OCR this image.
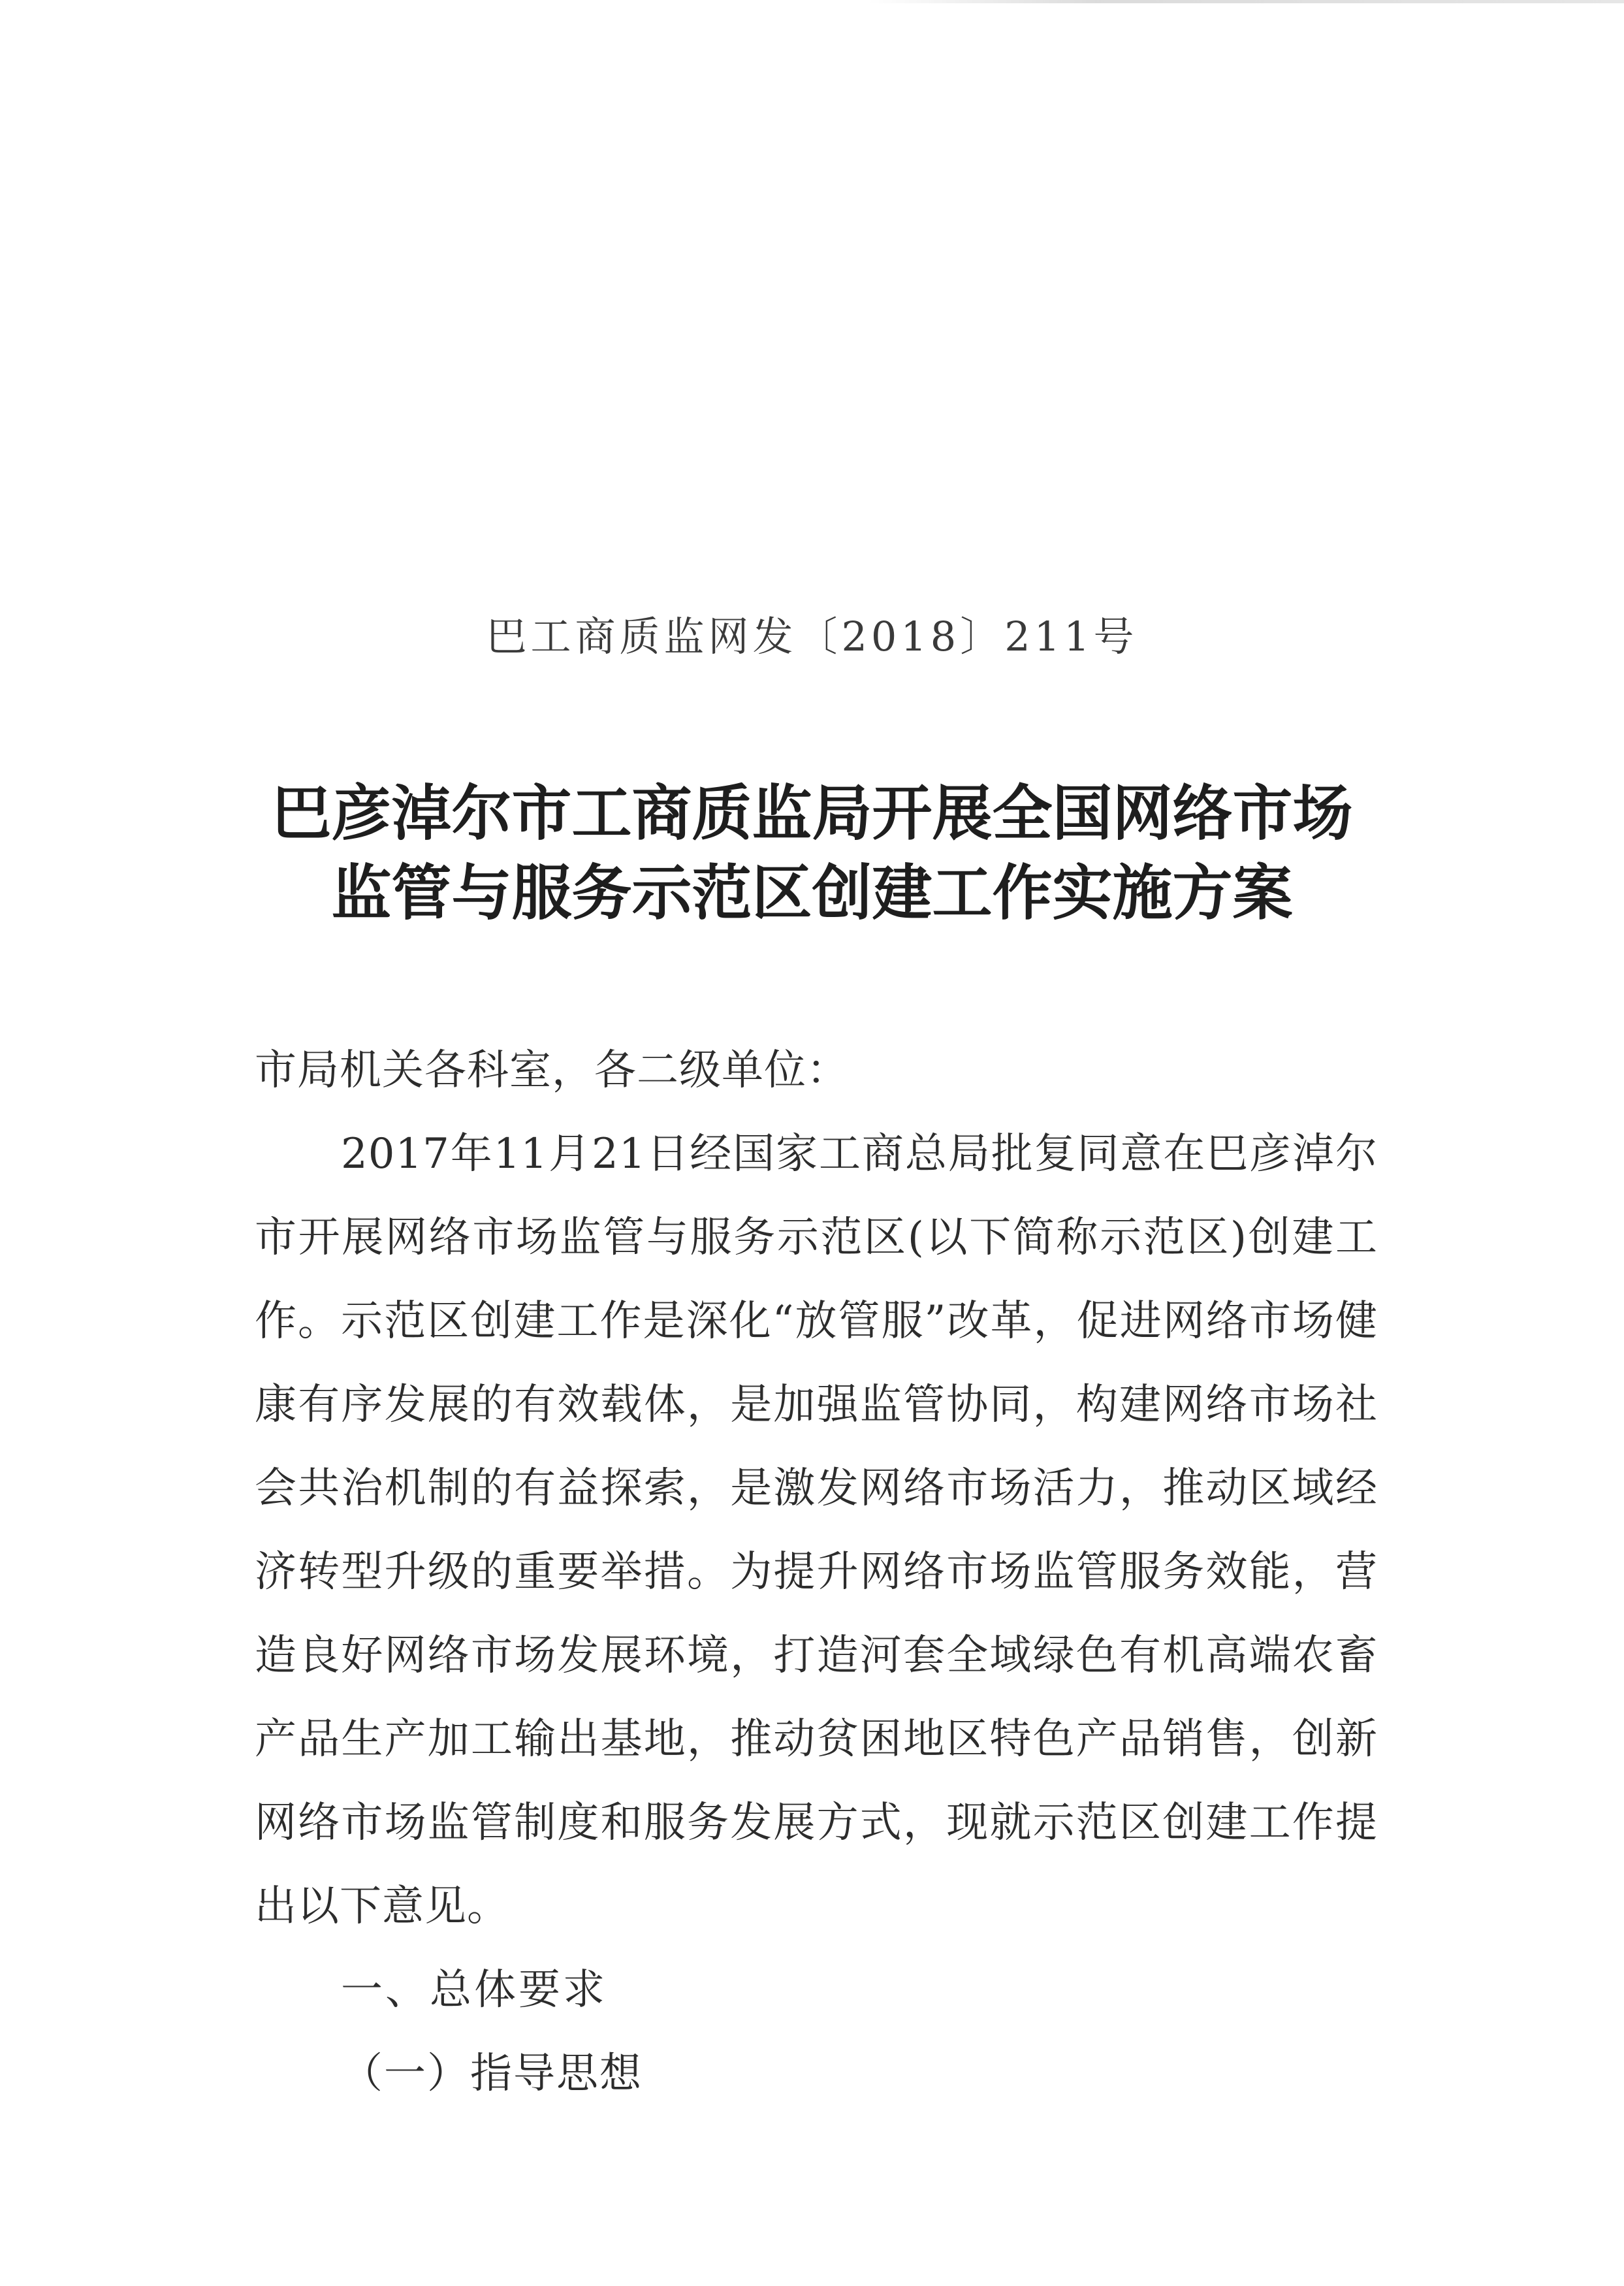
巴工商质监网发〔2018〕211号
巴彦淖尔市工商质监局开展全国网络市场
监管与服务示范区创建工作实施方案

市局机关各科室，各二级单位：

2017年11月21日经国家工商总局批复同意在巴彦淖尔市开展网络市场监管与服务示范区(以下简称示范区)创建工作。示范区创建工作是深化“放管服”改革，促进网络市场健康有序发展的有效载体，是加强监管协同，构建网络市场社会共治机制的有益探索，是激发网络市场活力，推动区域经济转型升级的重要举措。为提升网络市场监管服务效能，营造良好网络市场发展环境，打造河套全域绿色有机高端农畜产品生产加工输出基地，推动贫困地区特色产品销售，创新网络市场监管制度和服务发展方式，现就示范区创建工作提出以下意见。

一、总体要求

（一）指导思想
